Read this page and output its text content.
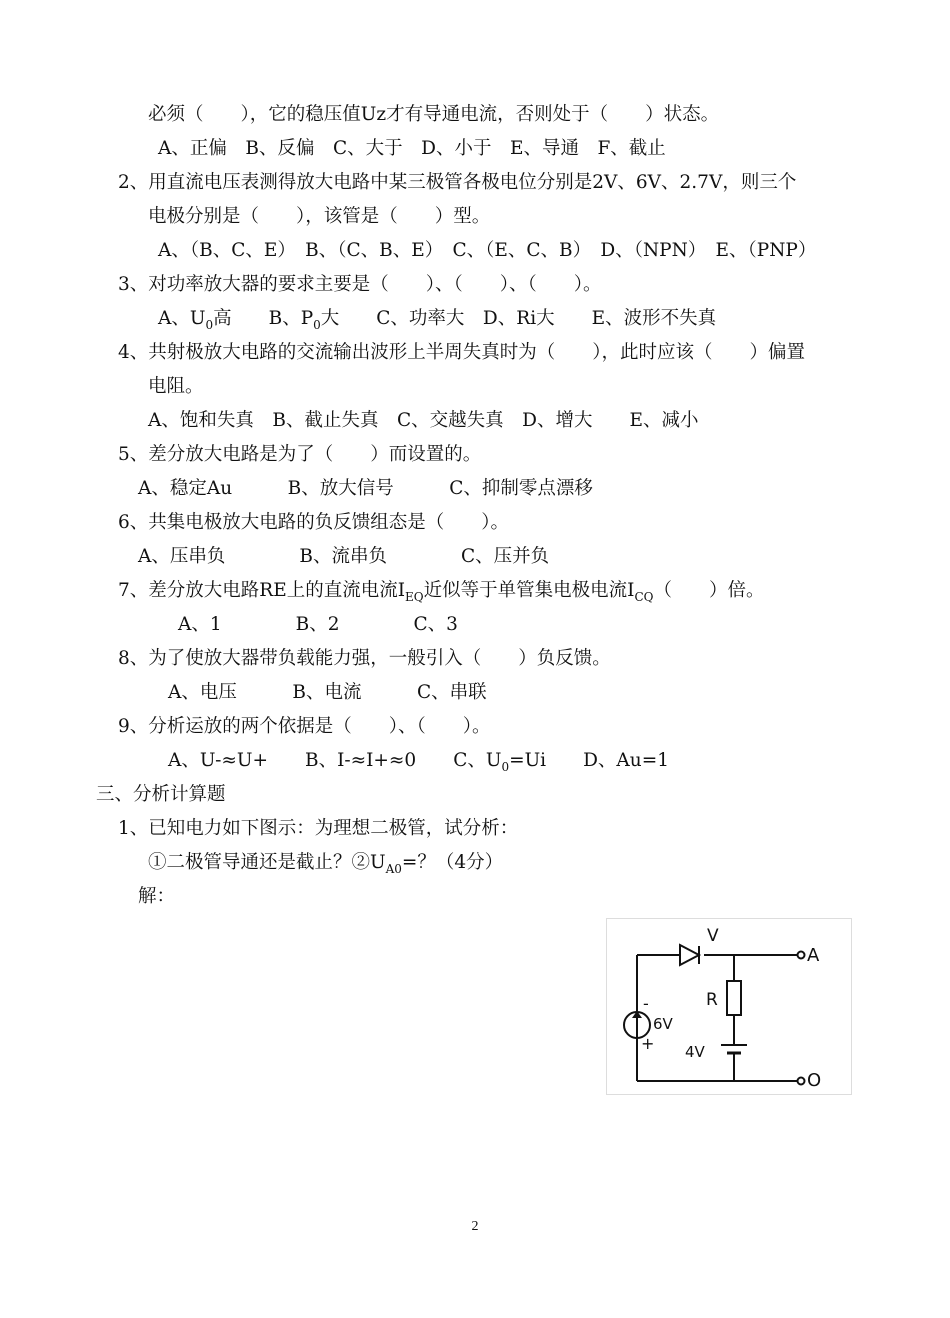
必须（　　），它的稳压值Uz才有导通电流，否则处于（　　）状态。
A、正偏　B、反偏　C、大于　D、小于　E、导通　F、截止
2、用直流电压表测得放大电路中某三极管各极电位分别是2V、6V、2.7V，则三个
电极分别是（　　），该管是（　　）型。
A、（B、C、E）　B、（C、B、E）　C、（E、C、B）　D、（NPN）　E、（PNP）
3、对功率放大器的要求主要是（　　）、（　　）、（　　）。
A、$U_0$高　　B、$P_0$大　　C、功率大　D、Ri大　　E、波形不失真
4、共射极放大电路的交流输出波形上半周失真时为（　　），此时应该（　　）偏置
电阻。
A、饱和失真　B、截止失真　C、交越失真　D、增大　　E、减小
5、差分放大电路是为了（　　）而设置的。
A、稳定Au　　　B、放大信号　　　C、抑制零点漂移
6、共集电极放大电路的负反馈组态是（　　）。
A、压串负　　　　B、流串负　　　　C、压并负
7、差分放大电路RE上的直流电流$I_{EQ}$近似等于单管集电极电流$I_{CQ}$（　　）倍。
A、1　　　　B、2　　　　C、3
8、为了使放大器带负载能力强，一般引入（　　）负反馈。
A、电压　　　B、电流　　　C、串联
9、分析运放的两个依据是（　　）、（　　）。
A、U-≈U+　　B、I-≈I+≈0　　C、$U_0=Ui$　　D、Au=1
三、分析计算题
1、已知电力如下图示：为理想二极管，试分析：
①二极管导通还是截止？$②U_{A0}=$？（4分）
解：
V
R
6V
4V
A
O
-
+
2
